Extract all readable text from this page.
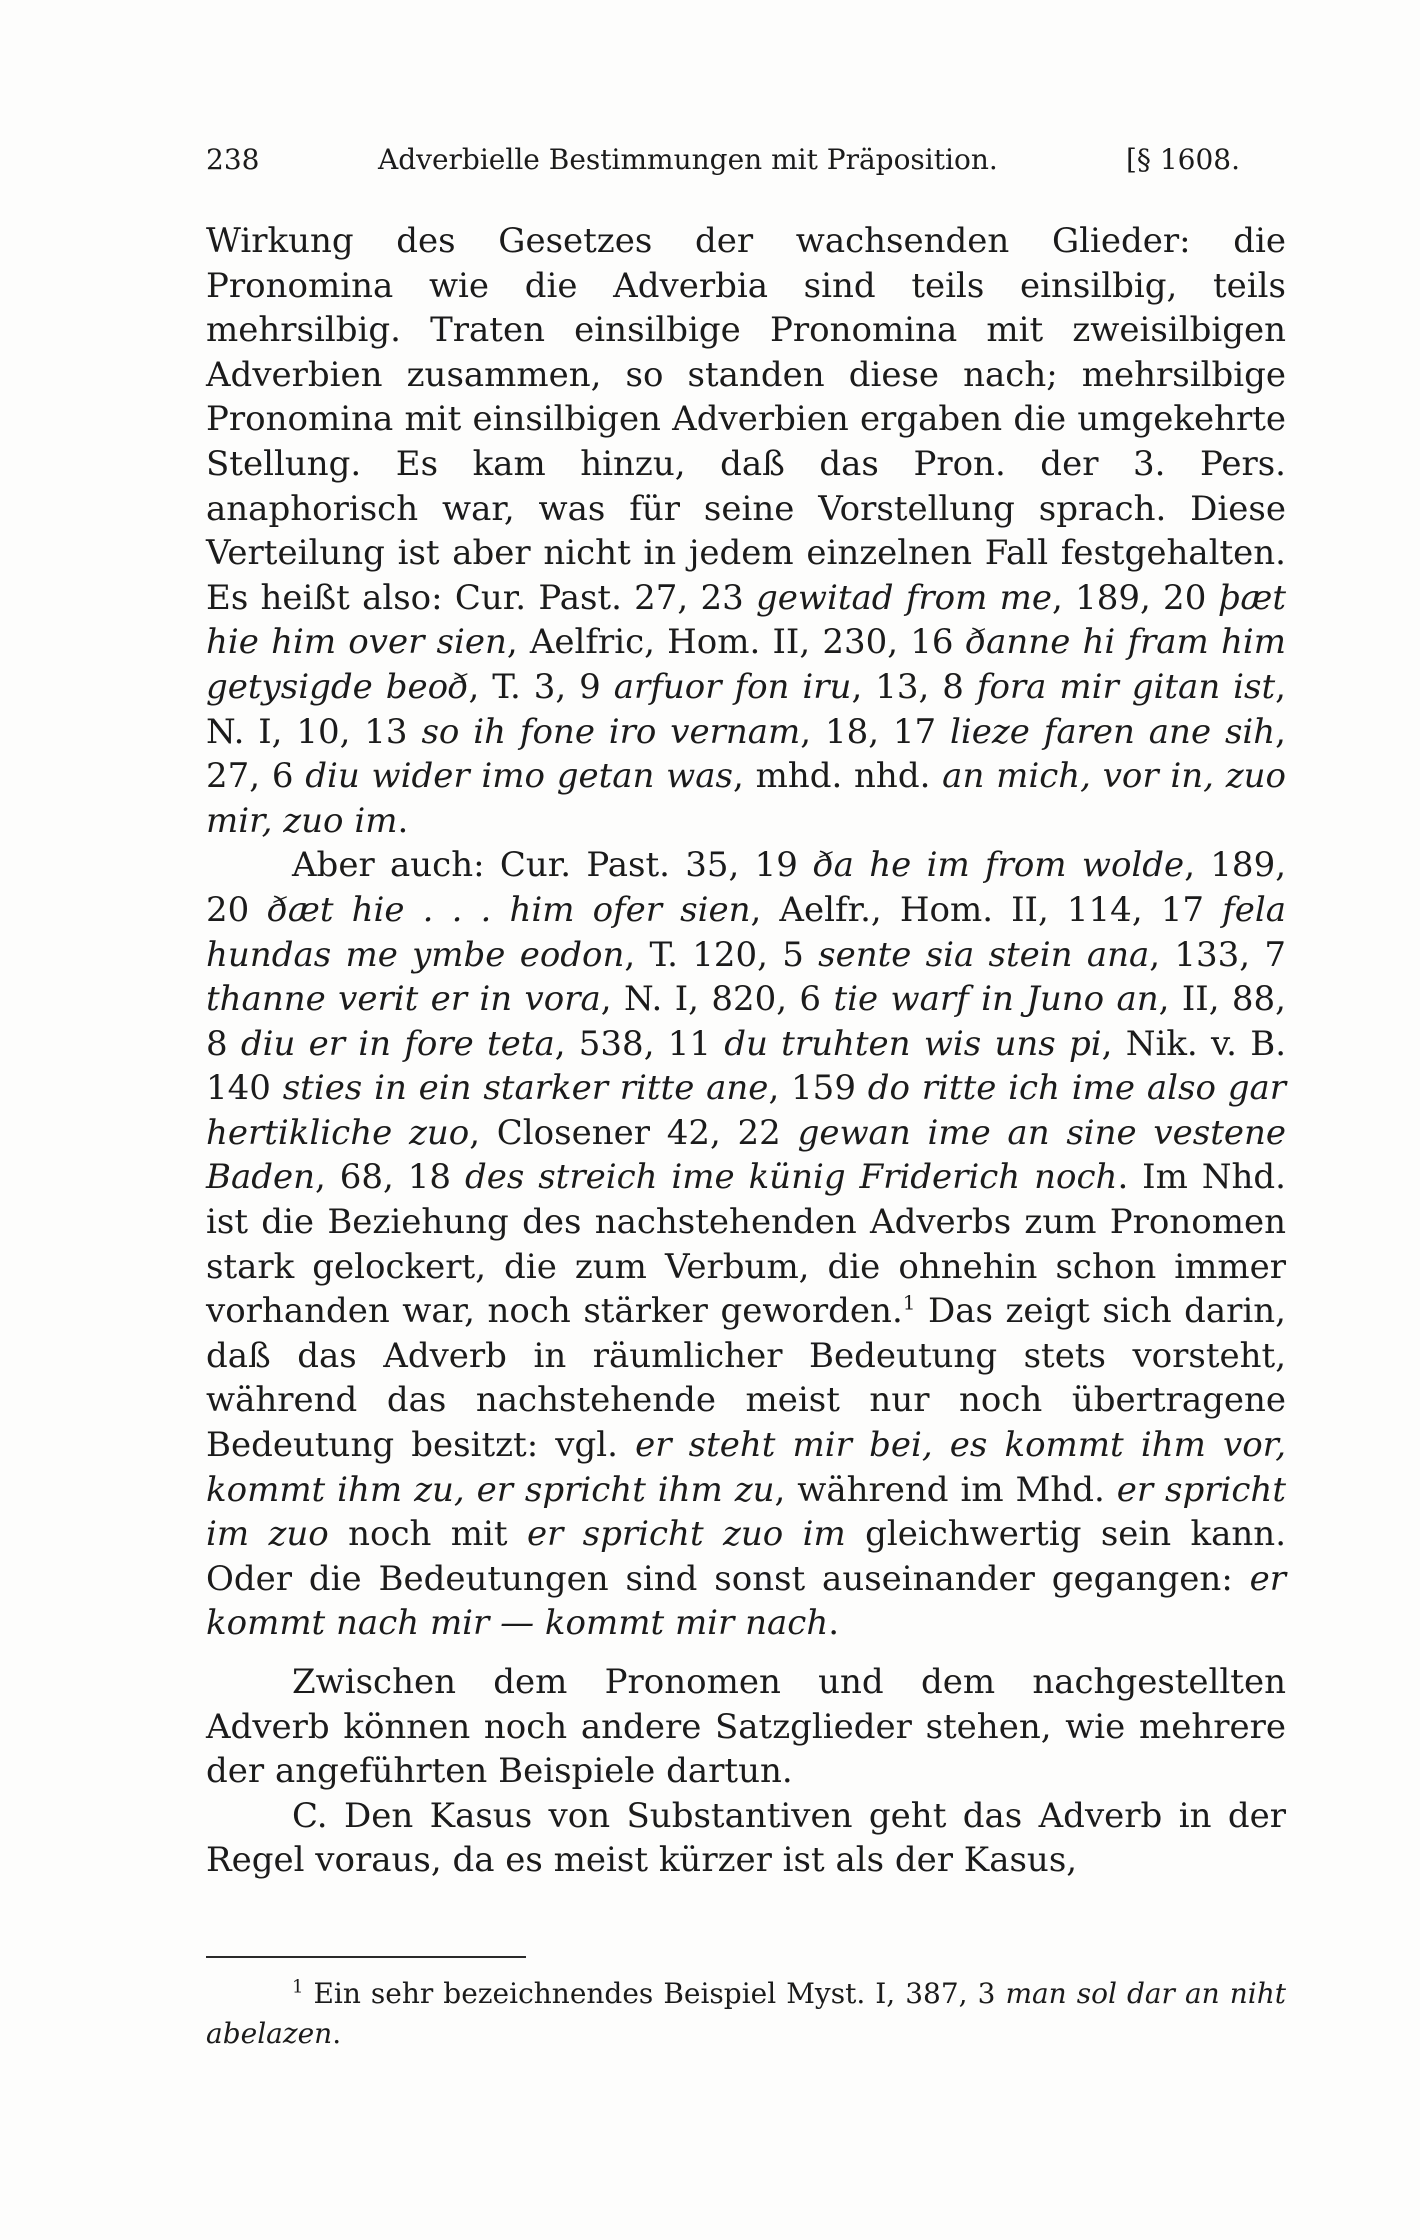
238	Adverbielle Bestimmungen mit Präposition.	[§ 1608.

Wirkung des Gesetzes der wachsenden Glieder: die Pronomina wie die Adverbia sind teils einsilbig, teils mehrsilbig. Traten einsilbige Pronomina mit zweisilbigen Adverbien zusammen, so standen diese nach; mehrsilbige Pronomina mit einsilbigen Adverbien ergaben die umgekehrte Stellung. Es kam hinzu, daß das Pron. der 3. Pers. anaphorisch war, was für seine Vorstellung sprach. Diese Verteilung ist aber nicht in jedem einzelnen Fall festgehalten. Es heißt also: Cur. Past. 27, 23 gewitad from me, 189, 20 þæt hie him over sien, Aelfric, Hom. II, 230, 16 ðanne hi fram him getysigde beoð, T. 3, 9 arfuor fon iru, 13, 8 fora mir gitan ist, N. I, 10, 13 so ih fone iro vernam, 18, 17 lieze faren ane sih, 27, 6 diu wider imo getan was, mhd. nhd. an mich, vor in, zuo mir, zuo im.

Aber auch: Cur. Past. 35, 19 ða he im from wolde, 189, 20 ðæt hie . . . him ofer sien, Aelfr., Hom. II, 114, 17 fela hundas me ymbe eodon, T. 120, 5 sente sia stein ana, 133, 7 thanne verit er in vora, N. I, 820, 6 tie warf in Juno an, II, 88, 8 diu er in fore teta, 538, 11 du truhten wis uns pi, Nik. v. B. 140 sties in ein starker ritte ane, 159 do ritte ich ime also gar hertikliche zuo, Closener 42, 22 gewan ime an sine vestene Baden, 68, 18 des streich ime künig Friderich noch. Im Nhd. ist die Beziehung des nachstehenden Adverbs zum Pronomen stark gelockert, die zum Verbum, die ohnehin schon immer vorhanden war, noch stärker geworden.$^1$ Das zeigt sich darin, daß das Adverb in räumlicher Bedeutung stets vorsteht, während das nachstehende meist nur noch übertragene Bedeutung besitzt: vgl. er steht mir bei, es kommt ihm vor, kommt ihm zu, er spricht ihm zu, während im Mhd. er spricht im zuo noch mit er spricht zuo im gleichwertig sein kann. Oder die Bedeutungen sind sonst auseinander gegangen: er kommt nach mir — kommt mir nach.

Zwischen dem Pronomen und dem nachgestellten Adverb können noch andere Satzglieder stehen, wie mehrere der angeführten Beispiele dartun.

C. Den Kasus von Substantiven geht das Adverb in der Regel voraus, da es meist kürzer ist als der Kasus,

$^1$ Ein sehr bezeichnendes Beispiel Myst. I, 387, 3 man sol dar an niht abelazen.
